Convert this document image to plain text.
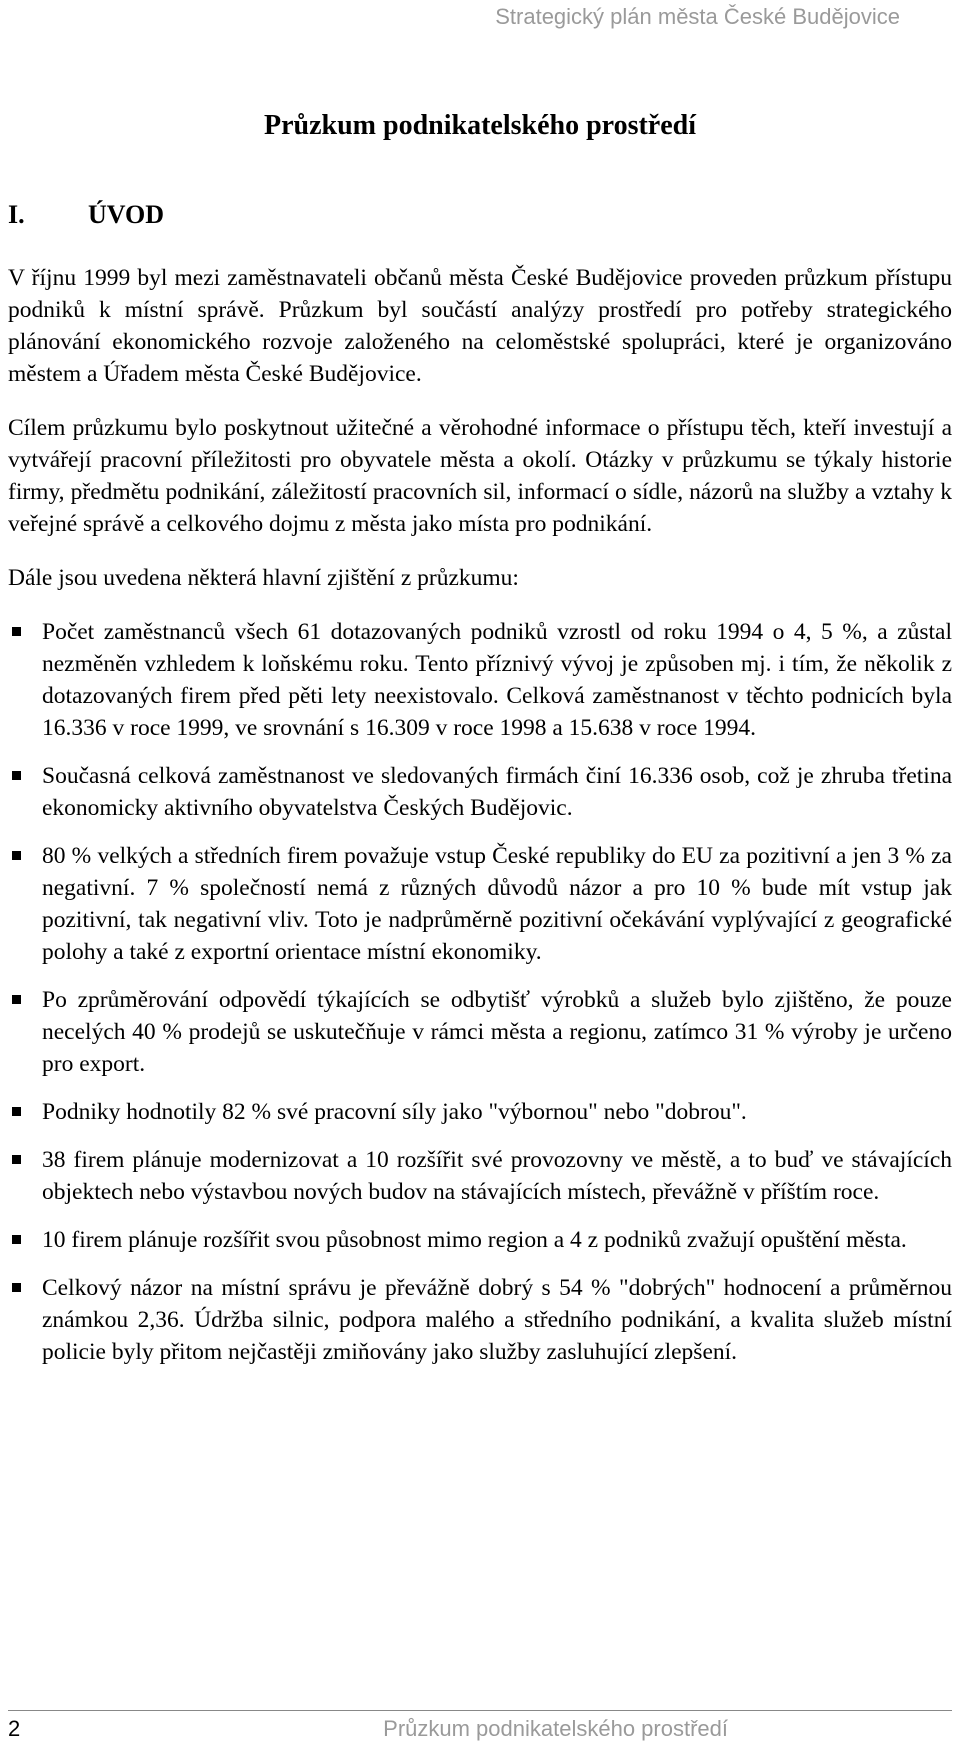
Strategický plán města České Budějovice
Průzkum podnikatelského prostředí
I. ÚVOD

V říjnu 1999 byl mezi zaměstnavateli občanů města České Budějovice proveden průzkum přístupu podniků k místní správě. Průzkum byl součástí analýzy prostředí pro potřeby strategického plánování ekonomického rozvoje založeného na celoměstské spolupráci, které je organizováno městem a Úřadem města České Budějovice.

Cílem průzkumu bylo poskytnout užitečné a věrohodné informace o přístupu těch, kteří investují a vytvářejí pracovní příležitosti pro obyvatele města a okolí. Otázky v průzkumu se týkaly historie firmy, předmětu podnikání, záležitostí pracovních sil, informací o sídle, názorů na služby a vztahy k veřejné správě a celkového dojmu z města jako místa pro podnikání.

Dále jsou uvedena některá hlavní zjištění z průzkumu:

Počet zaměstnanců všech 61 dotazovaných podniků vzrostl od roku 1994 o 4, 5 %, a zůstal nezměněn vzhledem k loňskému roku. Tento příznivý vývoj je způsoben mj. i tím, že několik z dotazovaných firem před pěti lety neexistovalo. Celková zaměstnanost v těchto podnicích byla 16.336 v roce 1999, ve srovnání s 16.309 v roce 1998 a 15.638 v roce 1994.
Současná celková zaměstnanost ve sledovaných firmách činí 16.336 osob, což je zhruba třetina ekonomicky aktivního obyvatelstva Českých Budějovic.
80 % velkých a středních firem považuje vstup České republiky do EU za pozitivní a jen 3 % za negativní. 7 % společností nemá z různých důvodů názor a pro 10 % bude mít vstup jak pozitivní, tak negativní vliv. Toto je nadprůměrně pozitivní očekávání vyplývající z geografické polohy a také z exportní orientace místní ekonomiky.
Po zprůměrování odpovědí týkajících se odbytišť výrobků a služeb bylo zjištěno, že pouze necelých 40 % prodejů se uskutečňuje v rámci města a regionu, zatímco 31 % výroby je určeno pro export.
Podniky hodnotily 82 % své pracovní síly jako "výbornou" nebo "dobrou".
38 firem plánuje modernizovat a 10 rozšířit své provozovny ve městě, a to buď ve stávajících objektech nebo výstavbou nových budov na stávajících místech, převážně v příštím roce.
10 firem plánuje rozšířit svou působnost mimo region a 4 z podniků zvažují opuštění města.
Celkový názor na místní správu je převážně dobrý s 54 % "dobrých" hodnocení a průměrnou známkou 2,36. Údržba silnic, podpora malého a středního podnikání, a kvalita služeb místní policie byly přitom nejčastěji zmiňovány jako služby zasluhující zlepšení.
2	Průzkum podnikatelského prostředí
